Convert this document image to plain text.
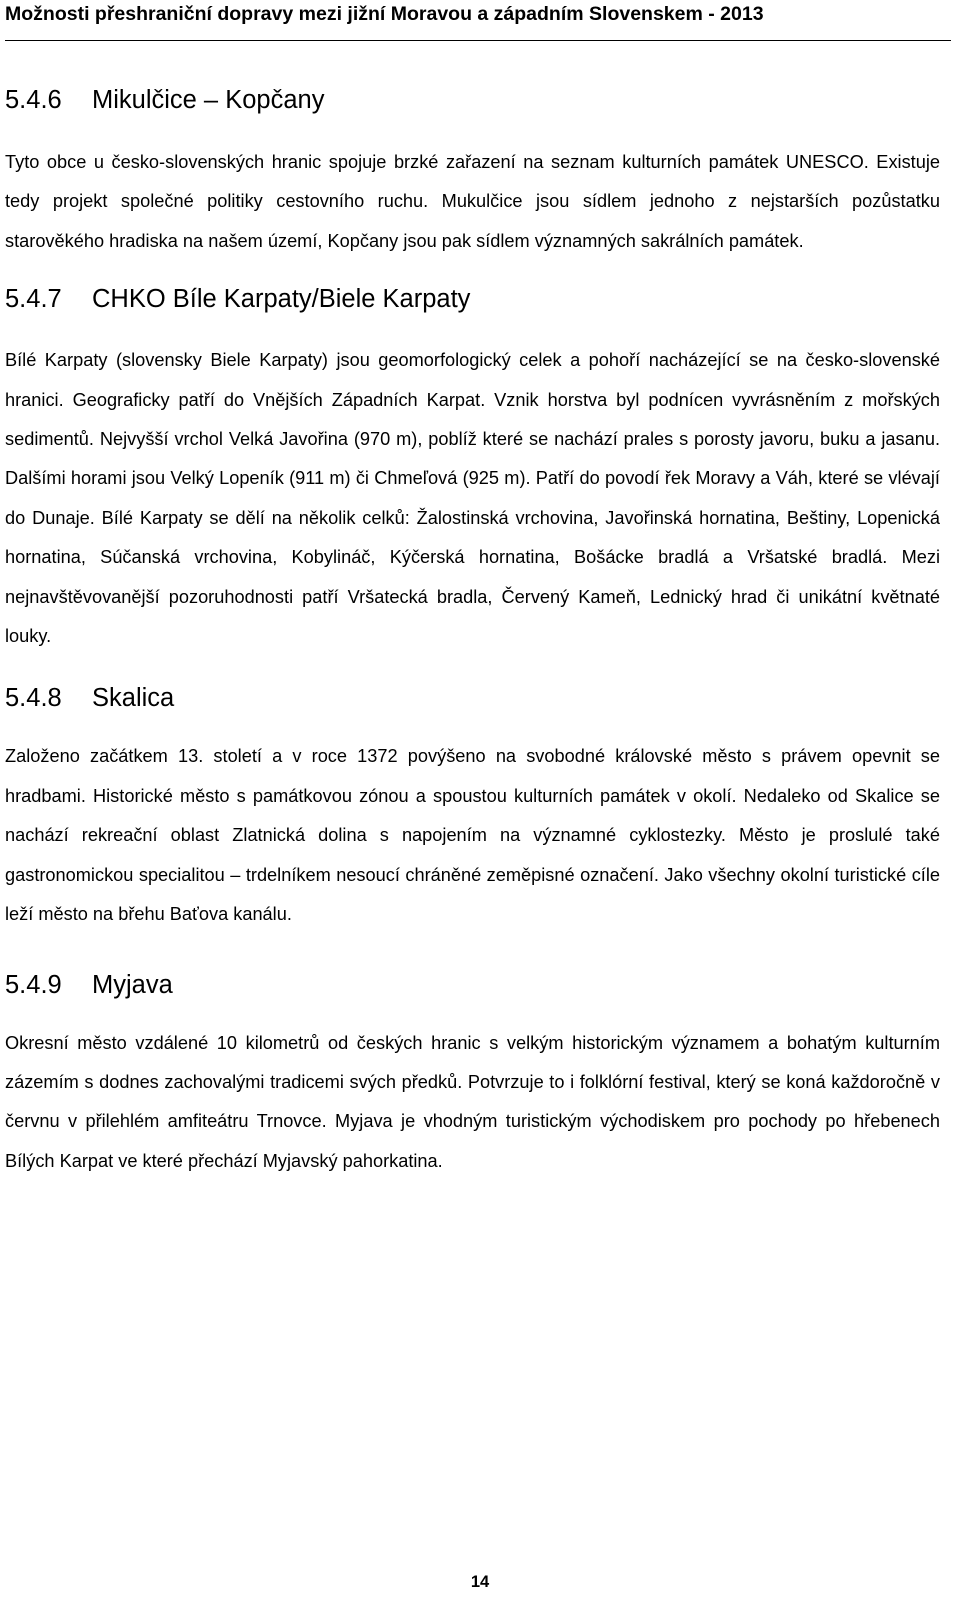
Možnosti přeshraniční dopravy mezi jižní Moravou a západním Slovenskem - 2013
5.4.6 Mikulčice – Kopčany

Tyto obce u česko-slovenských hranic spojuje brzké zařazení na seznam kulturních památek UNESCO. Existuje tedy projekt společné politiky cestovního ruchu. Mukulčice jsou sídlem jednoho z nejstarších pozůstatku starověkého hradiska na našem území, Kopčany jsou pak sídlem významných sakrálních památek.

5.4.7 CHKO Bíle Karpaty/Biele Karpaty

Bílé Karpaty (slovensky Biele Karpaty) jsou geomorfologický celek a pohoří nacházející se na česko-slovenské hranici. Geograficky patří do Vnějších Západních Karpat. Vznik horstva byl podnícen vyvrásněním z mořských sedimentů. Nejvyšší vrchol Velká Javořina (970 m), poblíž které se nachází prales s porosty javoru, buku a jasanu. Dalšími horami jsou Velký Lopeník (911 m) či Chmeľová (925 m). Patří do povodí řek Moravy a Váh, které se vlévají do Dunaje. Bílé Karpaty se dělí na několik celků: Žalostinská vrchovina, Javořinská hornatina, Beštiny, Lopenická hornatina, Súčanská vrchovina, Kobylináč, Kýčerská hornatina, Bošácke bradlá a Vršatské bradlá. Mezi nejnavštěvovanější pozoruhodnosti patří Vršatecká bradla, Červený Kameň, Lednický hrad či unikátní květnaté louky.

5.4.8 Skalica

Založeno začátkem 13. století a v roce 1372 povýšeno na svobodné královské město s právem opevnit se hradbami. Historické město s památkovou zónou a spoustou kulturních památek v okolí. Nedaleko od Skalice se nachází rekreační oblast Zlatnická dolina s napojením na významné cyklostezky. Město je proslulé také gastronomickou specialitou – trdelníkem nesoucí chráněné zeměpisné označení. Jako všechny okolní turistické cíle leží město na břehu Baťova kanálu.

5.4.9 Myjava

Okresní město vzdálené 10 kilometrů od českých hranic s velkým historickým významem a bohatým kulturním zázemím s dodnes zachovalými tradicemi svých předků. Potvrzuje to i folklórní festival, který se koná každoročně v červnu v přilehlém amfiteátru Trnovce. Myjava je vhodným turistickým východiskem pro pochody po hřebenech Bílých Karpat ve které přechází Myjavský pahorkatina.

14
